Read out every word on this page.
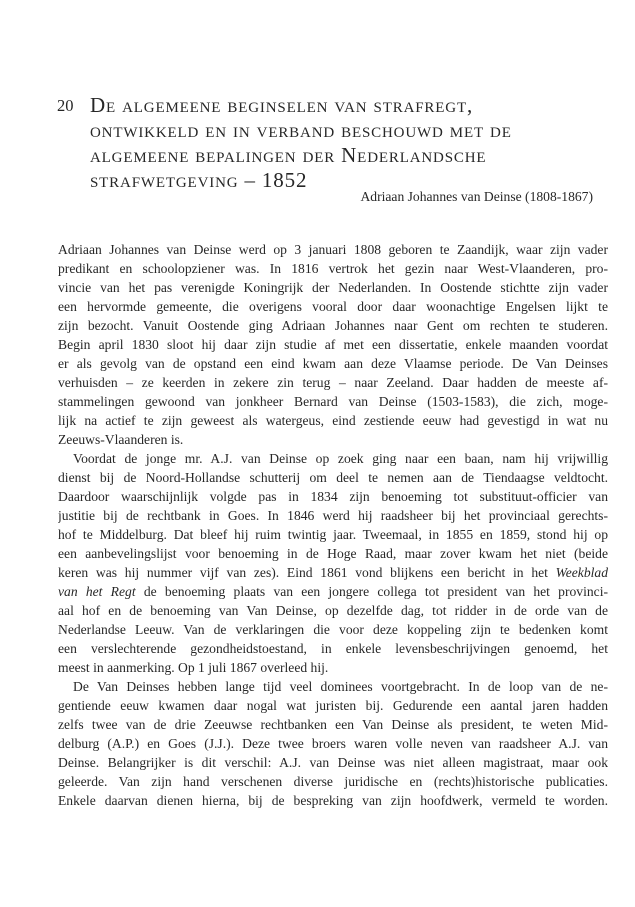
20 De algemeene beginselen van strafregt,
ontwikkeld en in verband beschouwd met de
algemeene bepalingen der Nederlandsche
strafwetgeving – 1852
Adriaan Johannes van Deinse (1808-1867)
Adriaan Johannes van Deinse werd op 3 januari 1808 geboren te Zaandijk, waar zijn vader
predikant en schoolopziener was. In 1816 vertrok het gezin naar West-Vlaanderen, pro-
vincie van het pas verenigde Koningrijk der Nederlanden. In Oostende stichtte zijn vader
een hervormde gemeente, die overigens vooral door daar woonachtige Engelsen lijkt te
zijn bezocht. Vanuit Oostende ging Adriaan Johannes naar Gent om rechten te studeren.
Begin april 1830 sloot hij daar zijn studie af met een dissertatie, enkele maanden voordat
er als gevolg van de opstand een eind kwam aan deze Vlaamse periode. De Van Deinses
verhuisden – ze keerden in zekere zin terug – naar Zeeland. Daar hadden de meeste af-
stammelingen gewoond van jonkheer Bernard van Deinse (1503-1583), die zich, moge-
lijk na actief te zijn geweest als watergeus, eind zestiende eeuw had gevestigd in wat nu
Zeeuws-Vlaanderen is.
Voordat de jonge mr. A.J. van Deinse op zoek ging naar een baan, nam hij vrijwillig
dienst bij de Noord-Hollandse schutterij om deel te nemen aan de Tiendaagse veldtocht.
Daardoor waarschijnlijk volgde pas in 1834 zijn benoeming tot substituut-officier van
justitie bij de rechtbank in Goes. In 1846 werd hij raadsheer bij het provinciaal gerechts-
hof te Middelburg. Dat bleef hij ruim twintig jaar. Tweemaal, in 1855 en 1859, stond hij op
een aanbevelingslijst voor benoeming in de Hoge Raad, maar zover kwam het niet (beide
keren was hij nummer vijf van zes). Eind 1861 vond blijkens een bericht in het Weekblad
van het Regt de benoeming plaats van een jongere collega tot president van het provinci-
aal hof en de benoeming van Van Deinse, op dezelfde dag, tot ridder in de orde van de
Nederlandse Leeuw. Van de verklaringen die voor deze koppeling zijn te bedenken komt
een verslechterende gezondheidstoestand, in enkele levensbeschrijvingen genoemd, het
meest in aanmerking. Op 1 juli 1867 overleed hij.
De Van Deinses hebben lange tijd veel dominees voortgebracht. In de loop van de ne-
gentiende eeuw kwamen daar nogal wat juristen bij. Gedurende een aantal jaren hadden
zelfs twee van de drie Zeeuwse rechtbanken een Van Deinse als president, te weten Mid-
delburg (A.P.) en Goes (J.J.). Deze twee broers waren volle neven van raadsheer A.J. van
Deinse. Belangrijker is dit verschil: A.J. van Deinse was niet alleen magistraat, maar ook
geleerde. Van zijn hand verschenen diverse juridische en (rechts)historische publicaties.
Enkele daarvan dienen hierna, bij de bespreking van zijn hoofdwerk, vermeld te worden.
